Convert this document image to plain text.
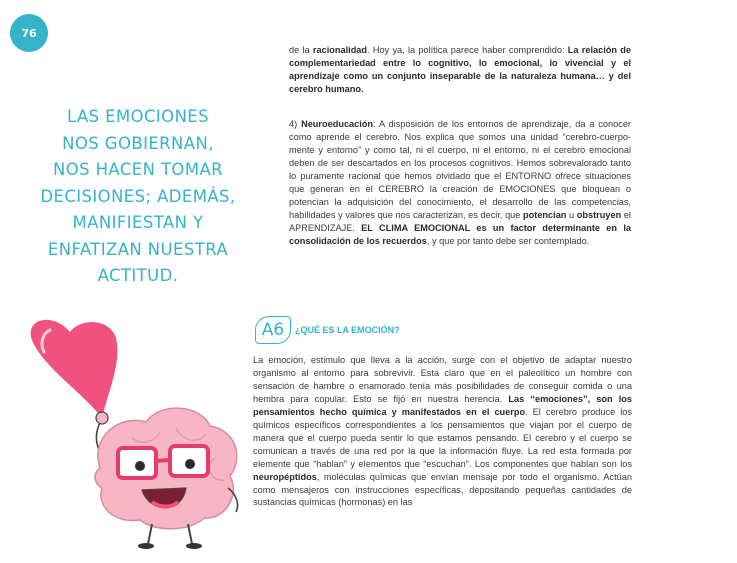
76
LAS EMOCIONES
NOS GOBIERNAN,
NOS HACEN TOMAR
DECISIONES; ADEMÁS,
MANIFIESTAN Y
ENFATIZAN NUESTRA
ACTITUD.
de la racionalidad. Hoy ya, la política parece haber comprendido: La relación de complementariedad entre lo cognitivo, lo emocional, lo vivencial y el aprendizaje como un conjunto inseparable de la naturaleza humana… y del cerebro humano.
4) Neuroeducación: A disposición de los entornos de aprendizaje, da a conocer como aprende el cerebro. Nos explica que somos una unidad “cerebro-cuerpo-mente y entorno” y como tal, ni el cuerpo, ni el entorno, ni el cerebro emocional deben de ser descartados en los procesos cognitivos. Hemos sobrevalorado tanto lo puramente racional que hemos olvidado que el ENTORNO ofrece situaciones que generan en el CEREBRO la creación de EMOCIONES que bloquean o potencian la adquisición del conocimiento, el desarrollo de las competencias, habilidades y valores que nos caracterizan, es decir, que potencian u obstruyen el APRENDIZAJE. EL CLIMA EMOCIONAL es un factor determinante en la consolidación de los recuerdos, y que por tanto debe ser contemplado.
A6	¿QUÉ ES LA EMOCIÓN?
La emoción, estimulo que lleva a la acción, surge con el objetivo de adaptar nuestro organismo al entorno para sobrevivir. Esta claro que en el paleolítico un hombre con sensación de hambre o enamorado tenía más posibilidades de conseguir comida o una hembra para copular. Esto se fijó en nuestra herencia. Las “emociones”, son los pensamientos hecho química y manifestados en el cuerpo. El cerebro produce los químicos específicos correspondientes a los pensamientos que viajan por el cuerpo de manera que el cuerpo pueda sentir lo que estamos pensando. El cerebro y el cuerpo se comunican a través de una red por la que la información fluye. La red esta formada por elemente que “hablan” y elementos que “escuchan”. Los componentes que hablan son los neuropéptidos, moléculas químicas que envían mensaje por todo el organismo. Actúan como mensajeros con instrucciones específicas, depositando pequeñas cantidades de sustancias químicas (hormonas) en las
